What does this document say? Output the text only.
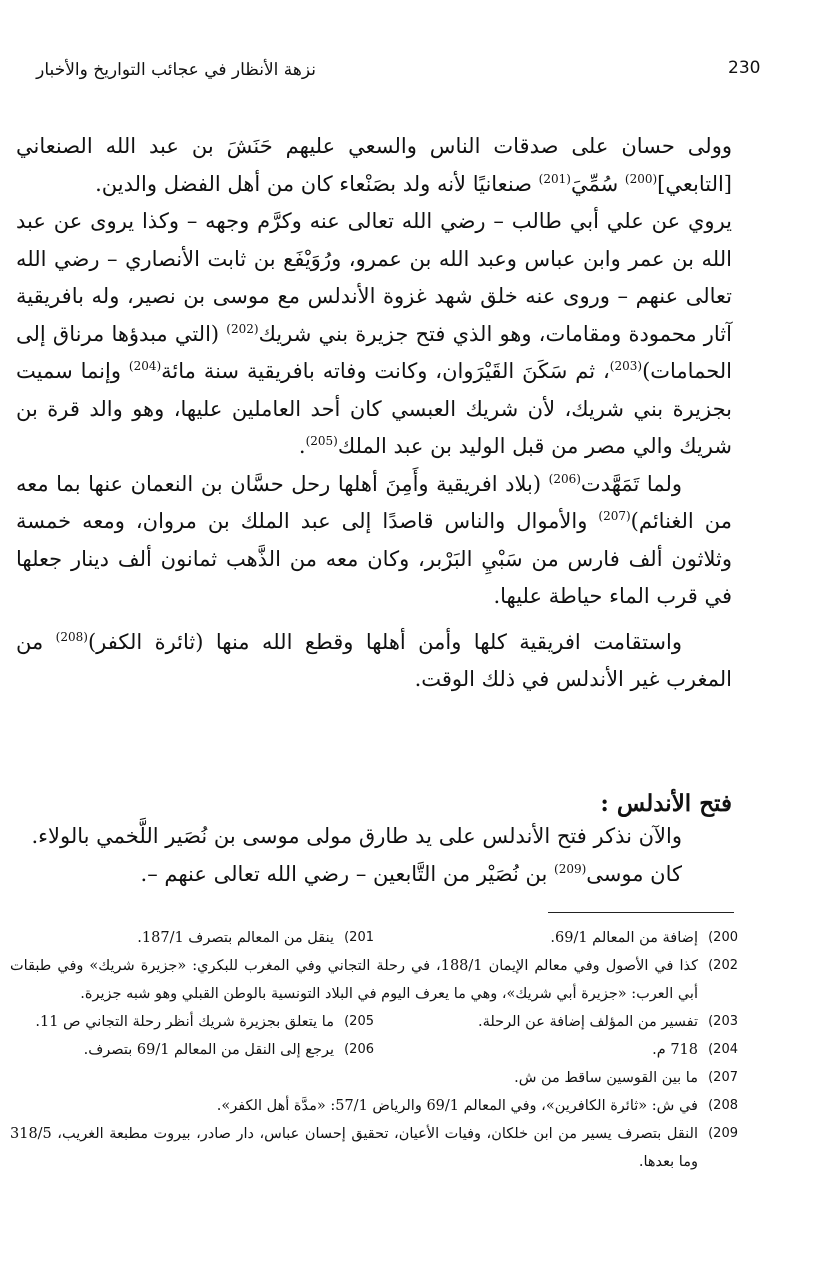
230
نزهة الأنظار في عجائب التواريخ والأخبار

وولى حسان على صدقات الناس والسعي عليهم حَنَشَ بن عبد الله الصنعاني [التابعي]$^{(200)}$ سُمِّيَ$^{(201)}$ صنعانيًا لأنه ولد بصَنْعاء كان من أهل الفضل والدين.

يروي عن علي أبي طالب – رضي الله تعالى عنه وكرَّم وجهه – وكذا يروى عن عبد الله بن عمر وابن عباس وعبد الله بن عمرو، ورُوَيْفَع بن ثابت الأنصاري – رضي الله تعالى عنهم – وروى عنه خلق شهد غزوة الأندلس مع موسى بن نصير، وله بافريقية آثار محمودة ومقامات، وهو الذي فتح جزيرة بني شريك$^{(202)}$ (التي مبدؤها مرناق إلى الحمامات)$^{(203)}$، ثم سَكَنَ القَيْرَوان، وكانت وفاته بافريقية سنة مائة$^{(204)}$ وإنما سميت بجزيرة بني شريك، لأن شريك العبسي كان أحد العاملين عليها، وهو والد قرة بن شريك والي مصر من قبل الوليد بن عبد الملك$^{(205)}$.

ولما تَمَهَّدت$^{(206)}$ (بلاد افريقية وأَمِنَ أهلها رحل حسَّان بن النعمان عنها بما معه من الغنائم)$^{(207)}$ والأموال والناس قاصدًا إلى عبد الملك بن مروان، ومعه خمسة وثلاثون ألف فارس من سَبْيِ البَرْبر، وكان معه من الذَّهب ثمانون ألف دينار جعلها في قرب الماء حياطة عليها.

واستقامت افريقية كلها وأمن أهلها وقطع الله منها (ثائرة الكفر)$^{(208)}$ من المغرب غير الأندلس في ذلك الوقت.

فتح الأندلس :

والآن نذكر فتح الأندلس على يد طارق مولى موسى بن نُصَير اللَّخمي بالولاء.

كان موسى$^{(209)}$ بن نُصَيْر من التَّابعين – رضي الله تعالى عنهم –.

200)
إضافة من المعالم 69/1.
201)
ينقل من المعالم بتصرف 187/1.
202)
كذا في الأصول وفي معالم الإيمان 188/1، في رحلة التجاني وفي المغرب للبكري: «جزيرة شريك» وفي طبقات أبي العرب: «جزيرة أبي شريك»، وهي ما يعرف اليوم في البلاد التونسية بالوطن القبلي وهو شبه جزيرة.
203)
تفسير من المؤلف إضافة عن الرحلة.
205)
ما يتعلق بجزيرة شريك أنظر رحلة التجاني ص 11.
204)
718 م.
206)
يرجع إلى النقل من المعالم 69/1 بتصرف.
207)
ما بين القوسين ساقط من ش.
208)
في ش: «ثائرة الكافرين»، وفي المعالم 69/1 والرياض 57/1: «مدَّة أهل الكفر».
209)
النقل بتصرف يسير من ابن خلكان، وفيات الأعيان، تحقيق إحسان عباس، دار صادر، بيروت مطبعة الغريب، 318/5 وما بعدها.
